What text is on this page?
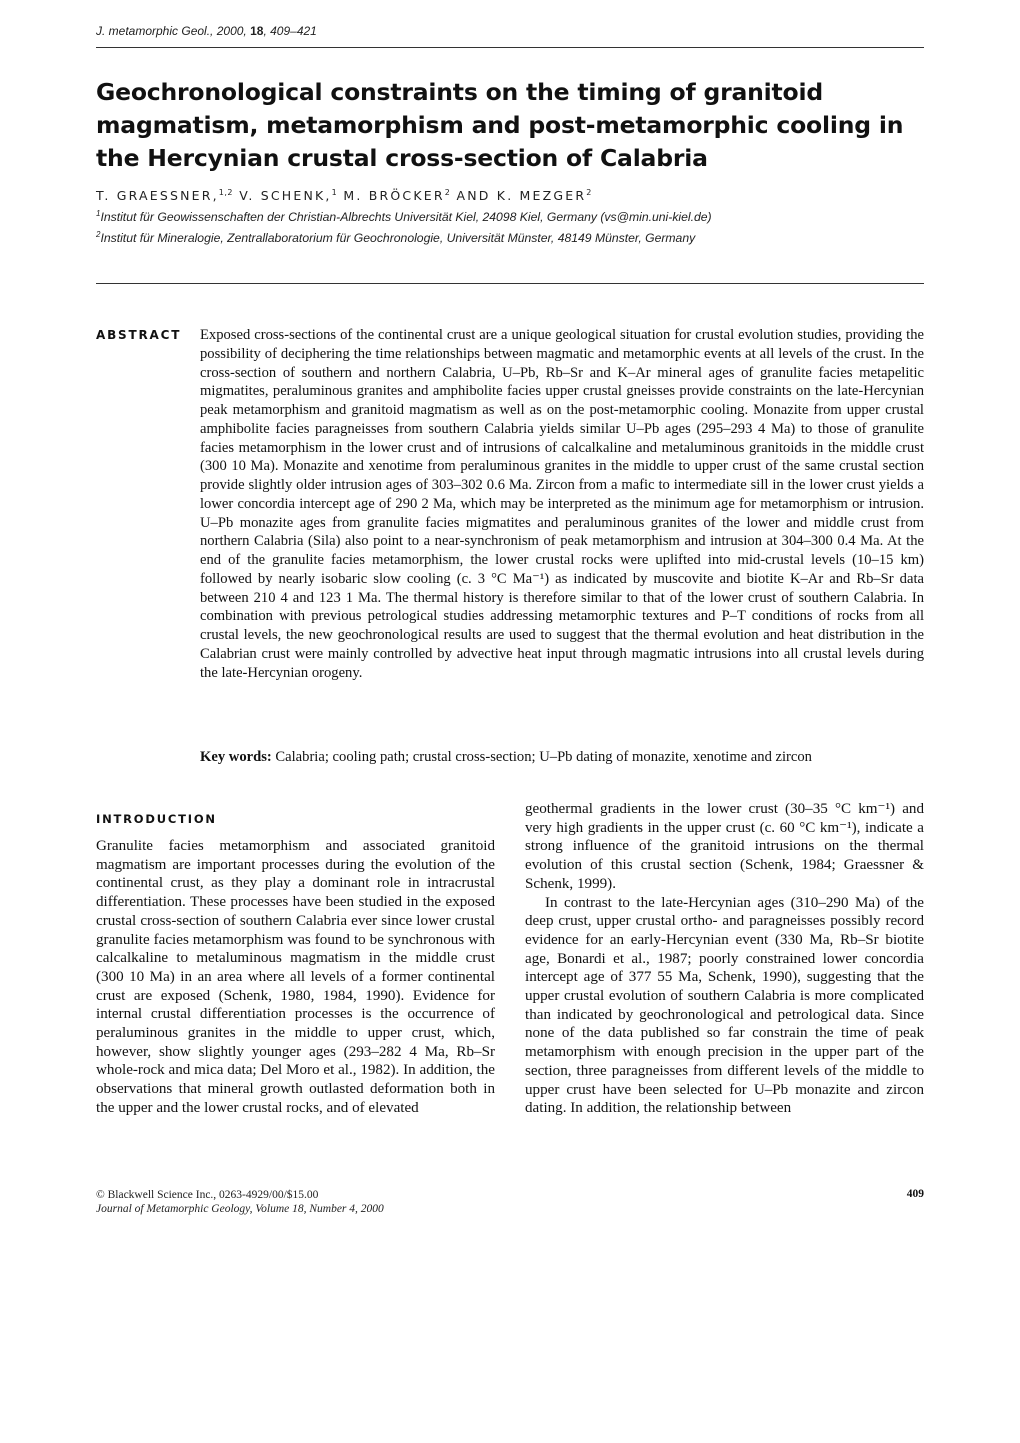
J. metamorphic Geol., 2000, 18, 409–421
Geochronological constraints on the timing of granitoid magmatism, metamorphism and post-metamorphic cooling in the Hercynian crustal cross-section of Calabria
T. GRAESSNER,$^{1,2}$ V. SCHENK,$^1$ M. BRÖCKER$^2$ AND K. MEZGER$^2$
$^1$Institut für Geowissenschaften der Christian-Albrechts Universität Kiel, 24098 Kiel, Germany (vs@min.uni-kiel.de)
$^2$Institut für Mineralogie, Zentrallaboratorium für Geochronologie, Universität Münster, 48149 Münster, Germany
ABSTRACT Exposed cross-sections of the continental crust are a unique geological situation for crustal evolution studies, providing the possibility of deciphering the time relationships between magmatic and metamorphic events at all levels of the crust. In the cross-section of southern and northern Calabria, U–Pb, Rb–Sr and K–Ar mineral ages of granulite facies metapelitic migmatites, peraluminous granites and amphibolite facies upper crustal gneisses provide constraints on the late-Hercynian peak metamorphism and granitoid magmatism as well as on the post-metamorphic cooling. Monazite from upper crustal amphibolite facies paragneisses from southern Calabria yields similar U–Pb ages (295–293 4 Ma) to those of granulite facies metamorphism in the lower crust and of intrusions of calcalkaline and metaluminous granitoids in the middle crust (300 10 Ma). Monazite and xenotime from peraluminous granites in the middle to upper crust of the same crustal section provide slightly older intrusion ages of 303–302 0.6 Ma. Zircon from a mafic to intermediate sill in the lower crust yields a lower concordia intercept age of 290 2 Ma, which may be interpreted as the minimum age for metamorphism or intrusion. U–Pb monazite ages from granulite facies migmatites and peraluminous granites of the lower and middle crust from northern Calabria (Sila) also point to a near-synchronism of peak metamorphism and intrusion at 304–300 0.4 Ma. At the end of the granulite facies metamorphism, the lower crustal rocks were uplifted into mid-crustal levels (10–15 km) followed by nearly isobaric slow cooling (c. 3 °C Ma⁻¹) as indicated by muscovite and biotite K–Ar and Rb–Sr data between 210 4 and 123 1 Ma. The thermal history is therefore similar to that of the lower crust of southern Calabria. In combination with previous petrological studies addressing metamorphic textures and P–T conditions of rocks from all crustal levels, the new geochronological results are used to suggest that the thermal evolution and heat distribution in the Calabrian crust were mainly controlled by advective heat input through magmatic intrusions into all crustal levels during the late-Hercynian orogeny.

Key words: Calabria; cooling path; crustal cross-section; U–Pb dating of monazite, xenotime and zircon

INTRODUCTION

Granulite facies metamorphism and associated granitoid magmatism are important processes during the evolution of the continental crust, as they play a dominant role in intracrustal differentiation. These processes have been studied in the exposed crustal cross-section of southern Calabria ever since lower crustal granulite facies metamorphism was found to be synchronous with calcalkaline to metaluminous magmatism in the middle crust (300 10 Ma) in an area where all levels of a former continental crust are exposed (Schenk, 1980, 1984, 1990). Evidence for internal crustal differentiation processes is the occurrence of peraluminous granites in the middle to upper crust, which, however, show slightly younger ages (293–282 4 Ma, Rb–Sr whole-rock and mica data; Del Moro et al., 1982). In addition, the observations that mineral growth outlasted deformation both in the upper and the lower crustal rocks, and of elevated

geothermal gradients in the lower crust (30–35 °C km⁻¹) and very high gradients in the upper crust (c. 60 °C km⁻¹), indicate a strong influence of the granitoid intrusions on the thermal evolution of this crustal section (Schenk, 1984; Graessner & Schenk, 1999).

In contrast to the late-Hercynian ages (310–290 Ma) of the deep crust, upper crustal ortho- and paragneisses possibly record evidence for an early-Hercynian event (330 Ma, Rb–Sr biotite age, Bonardi et al., 1987; poorly constrained lower concordia intercept age of 377 55 Ma, Schenk, 1990), suggesting that the upper crustal evolution of southern Calabria is more complicated than indicated by geochronological and petrological data. Since none of the data published so far constrain the time of peak metamorphism with enough precision in the upper part of the section, three paragneisses from different levels of the middle to upper crust have been selected for U–Pb monazite and zircon dating. In addition, the relationship between

© Blackwell Science Inc., 0263-4929/00/$15.00
Journal of Metamorphic Geology, Volume 18, Number 4, 2000
409
